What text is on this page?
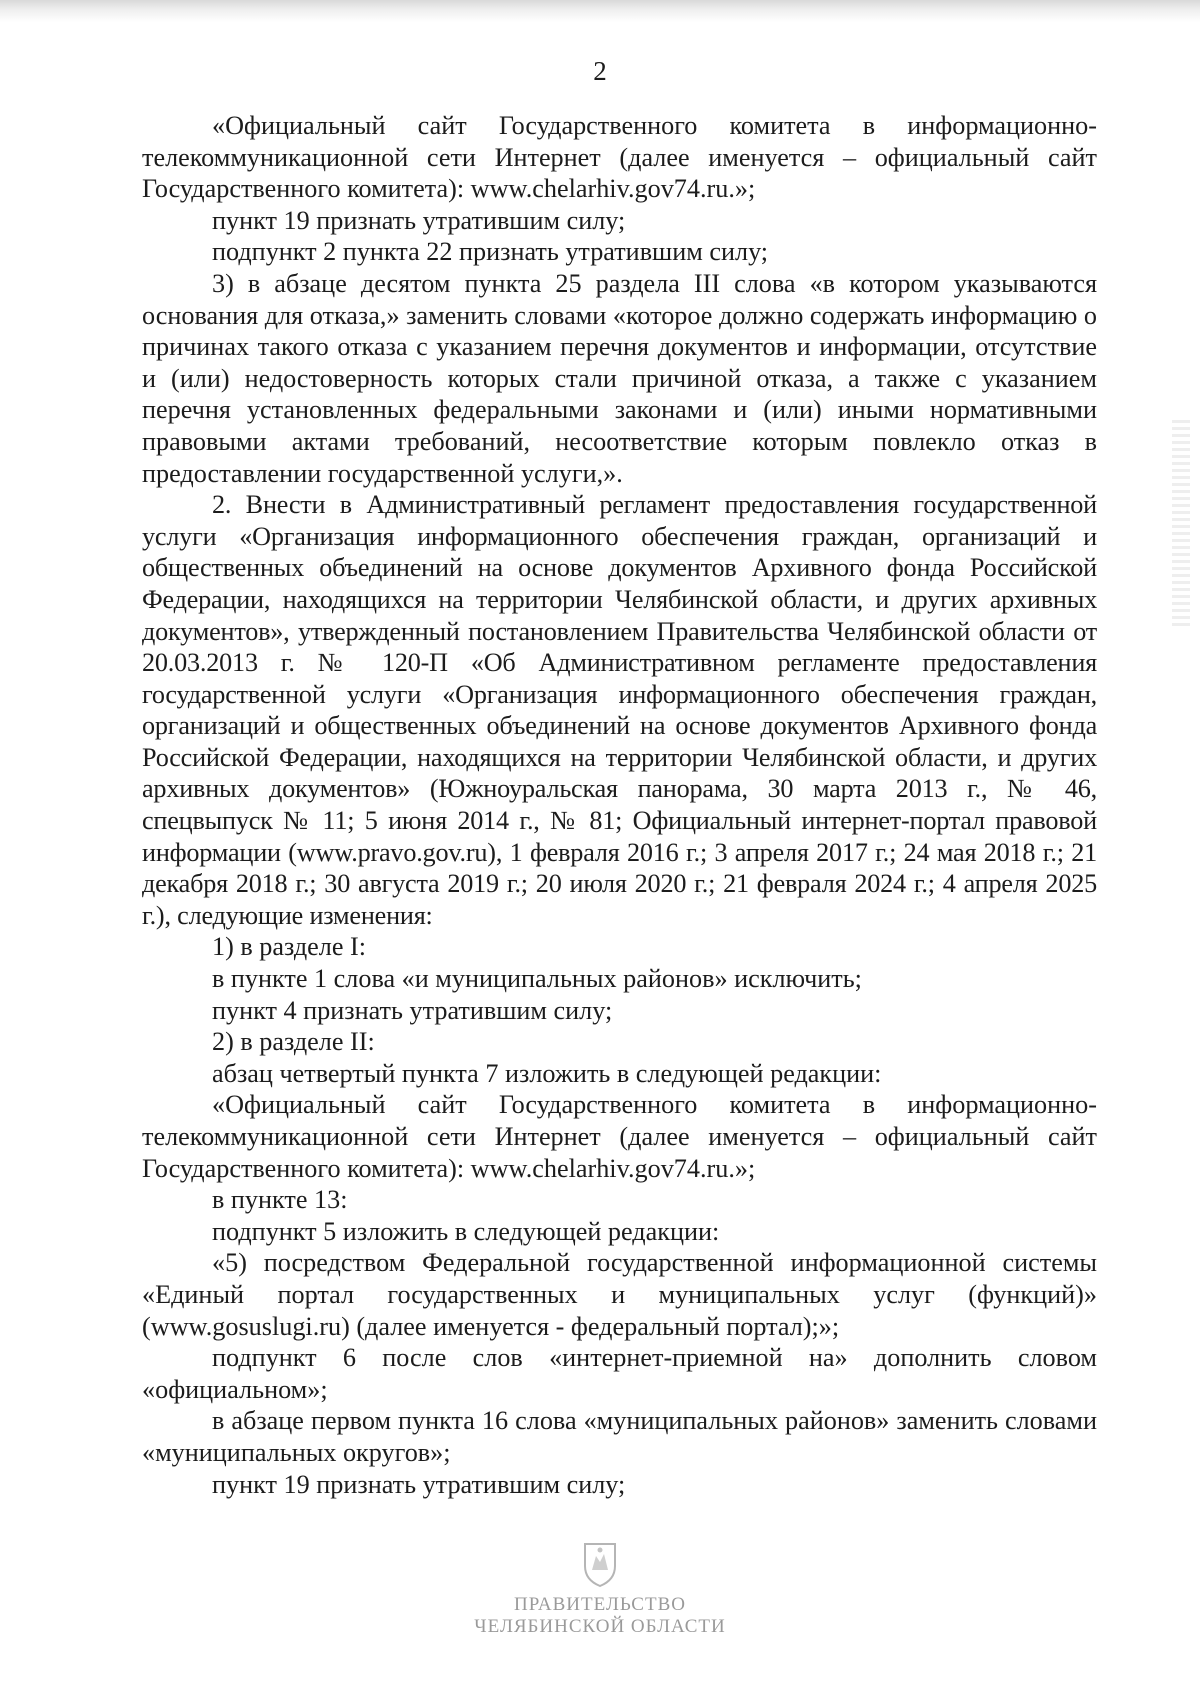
2

«Официальный сайт Государственного комитета в информационно-телекоммуникационной сети Интернет (далее именуется – официальный сайт Государственного комитета): www.chelarhiv.gov74.ru.»;

пункт 19 признать утратившим силу;

подпункт 2 пункта 22 признать утратившим силу;

3) в абзаце десятом пункта 25 раздела III слова «в котором указываются основания для отказа,» заменить словами «которое должно содержать информацию о причинах такого отказа с указанием перечня документов и информации, отсутствие и (или) недостоверность которых стали причиной отказа, а также с указанием перечня установленных федеральными законами и (или) иными нормативными правовыми актами требований, несоответствие которым повлекло отказ в предоставлении государственной услуги,».

2. Внести в Административный регламент предоставления государственной услуги «Организация информационного обеспечения граждан, организаций и общественных объединений на основе документов Архивного фонда Российской Федерации, находящихся на территории Челябинской области, и других архивных документов», утвержденный постановлением Правительства Челябинской области от 20.03.2013 г. № 120-П «Об Административном регламенте предоставления государственной услуги «Организация информационного обеспечения граждан, организаций и общественных объединений на основе документов Архивного фонда Российской Федерации, находящихся на территории Челябинской области, и других архивных документов» (Южноуральская панорама, 30 марта 2013 г., № 46, спецвыпуск № 11; 5 июня 2014 г., № 81; Официальный интернет-портал правовой информации (www.pravo.gov.ru), 1 февраля 2016 г.; 3 апреля 2017 г.; 24 мая 2018 г.; 21 декабря 2018 г.; 30 августа 2019 г.; 20 июля 2020 г.; 21 февраля 2024 г.; 4 апреля 2025 г.), следующие изменения:

1) в разделе I:

в пункте 1 слова «и муниципальных районов» исключить;

пункт 4 признать утратившим силу;

2) в разделе II:

абзац четвертый пункта 7 изложить в следующей редакции:

«Официальный сайт Государственного комитета в информационно-телекоммуникационной сети Интернет (далее именуется – официальный сайт Государственного комитета): www.chelarhiv.gov74.ru.»;

в пункте 13:

подпункт 5 изложить в следующей редакции:

«5) посредством Федеральной государственной информационной системы «Единый портал государственных и муниципальных услуг (функций)» (www.gosuslugi.ru) (далее именуется - федеральный портал);»;

подпункт 6 после слов «интернет-приемной на» дополнить словом «официальном»;

в абзаце первом пункта 16 слова «муниципальных районов» заменить словами «муниципальных округов»;

пункт 19 признать утратившим силу;

ПРАВИТЕЛЬСТВО
ЧЕЛЯБИНСКОЙ ОБЛАСТИ
